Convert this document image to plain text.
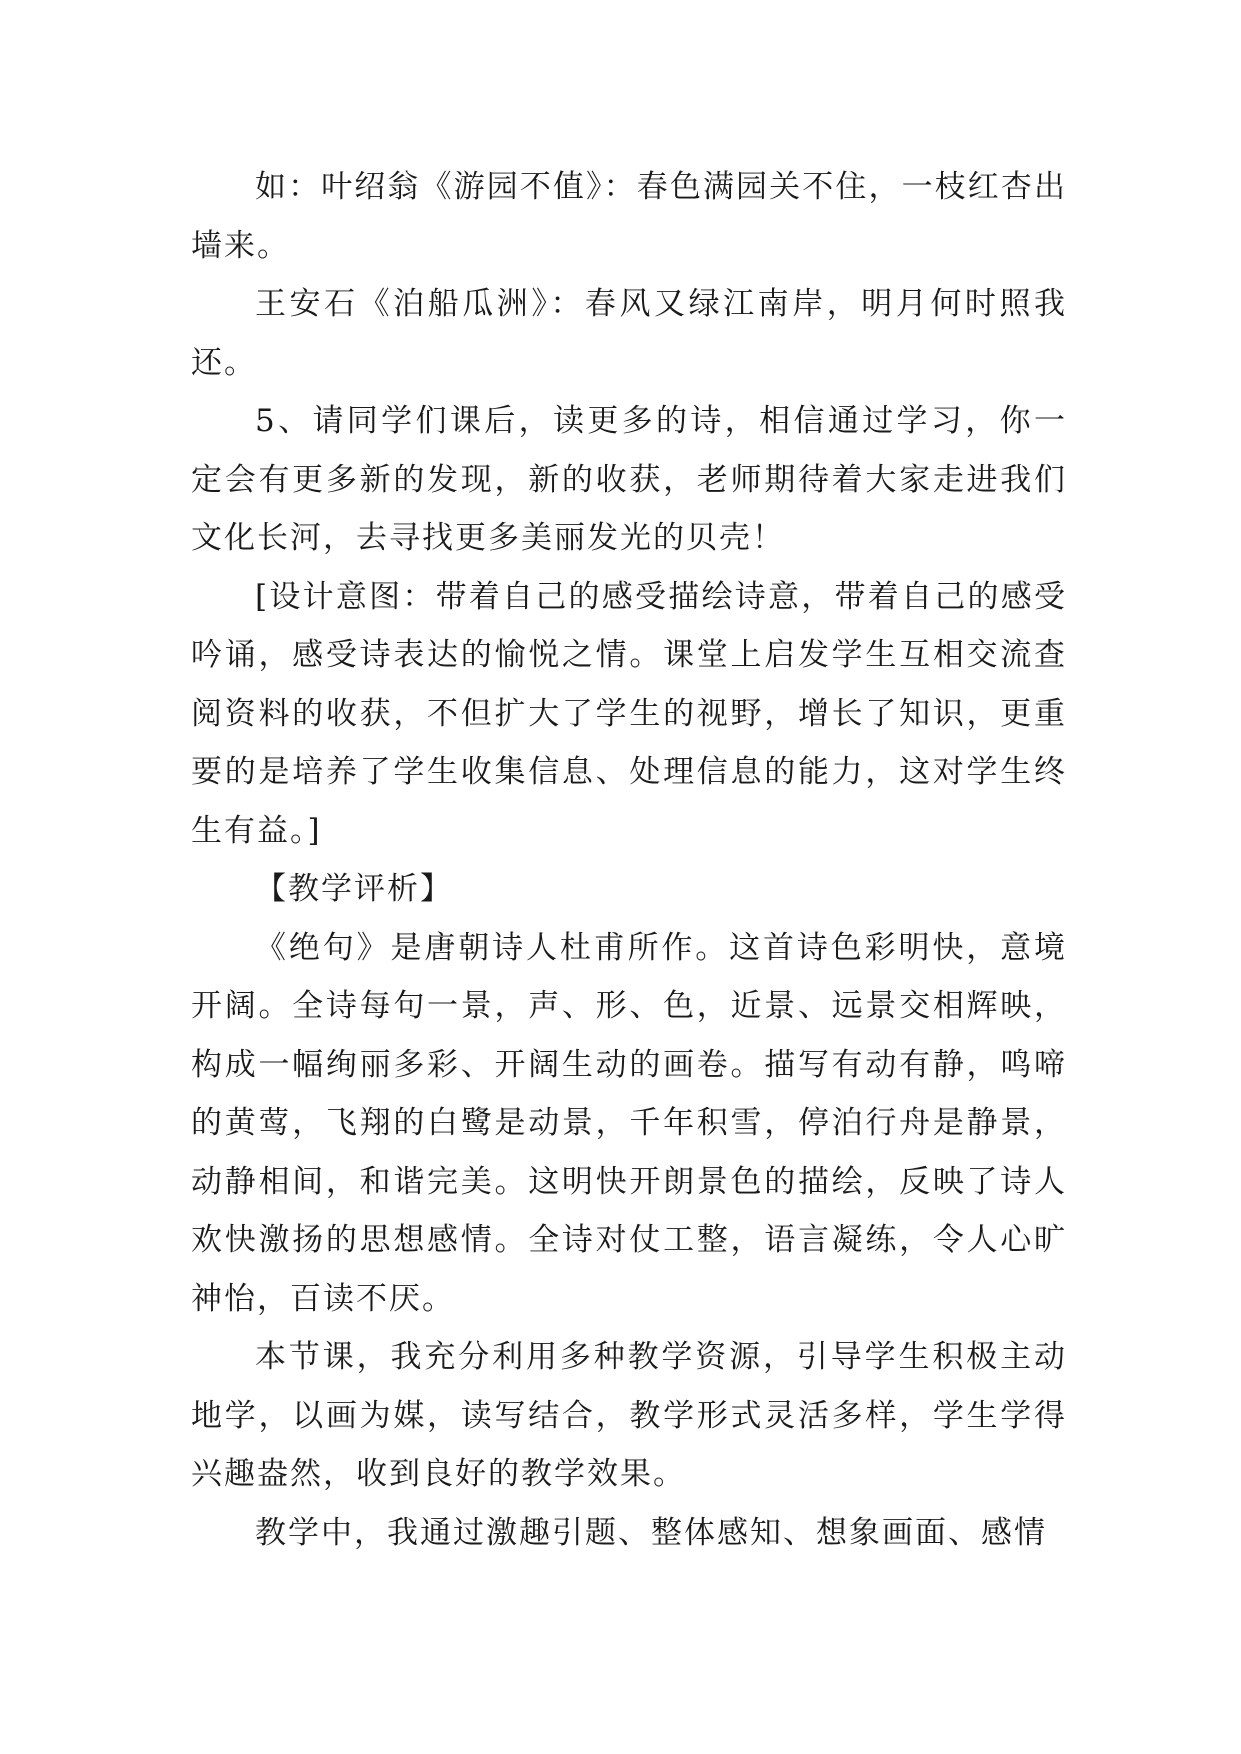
如：叶绍翁《游园不值》：春色满园关不住，一枝红杏出墙来。

王安石《泊船瓜洲》：春风又绿江南岸，明月何时照我还。

5、请同学们课后，读更多的诗，相信通过学习，你一定会有更多新的发现，新的收获，老师期待着大家走进我们文化长河，去寻找更多美丽发光的贝壳！

[设计意图：带着自己的感受描绘诗意，带着自己的感受吟诵，感受诗表达的愉悦之情。课堂上启发学生互相交流查阅资料的收获，不但扩大了学生的视野，增长了知识，更重要的是培养了学生收集信息、处理信息的能力，这对学生终生有益。]

【教学评析】

《绝句》是唐朝诗人杜甫所作。这首诗色彩明快，意境开阔。全诗每句一景，声、形、色，近景、远景交相辉映，构成一幅绚丽多彩、开阔生动的画卷。描写有动有静，鸣啼的黄莺，飞翔的白鹭是动景，千年积雪，停泊行舟是静景，动静相间，和谐完美。这明快开朗景色的描绘，反映了诗人欢快激扬的思想感情。全诗对仗工整，语言凝练，令人心旷神怡，百读不厌。

本节课，我充分利用多种教学资源，引导学生积极主动地学，以画为媒，读写结合，教学形式灵活多样，学生学得兴趣盎然，收到良好的教学效果。

教学中，我通过激趣引题、整体感知、想象画面、感情
